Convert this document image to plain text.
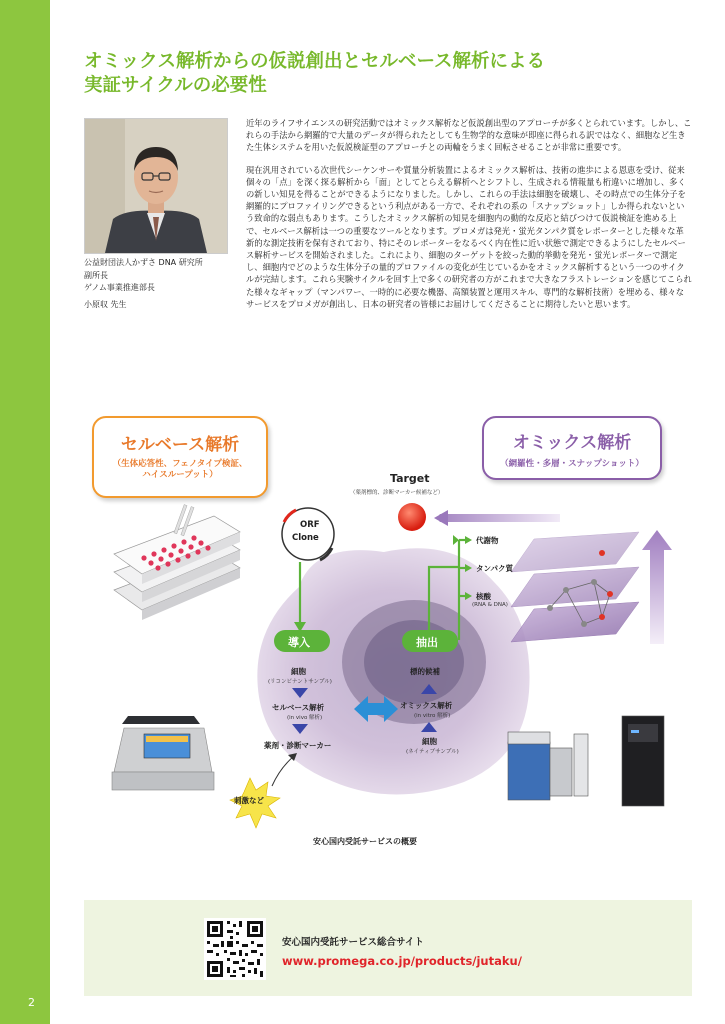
2
オミックス解析からの仮説創出とセルベース解析による
実証サイクルの必要性
公益財団法人かずさ DNA 研究所
副所長
ゲノム事業推進部長
小原収 先生

近年のライフサイエンスの研究活動ではオミックス解析など仮説創出型のアプローチが多くとられています。しかし、これらの手法から網羅的で大量のデータが得られたとしても生物学的な意味が即座に得られる訳ではなく、細胞など生きた生体システムを用いた仮説検証型のアプローチとの両輪をうまく回転させることが非常に重要です。

現在汎用されている次世代シーケンサーや質量分析装置によるオミックス解析は、技術の進歩による恩恵を受け、従来個々の「点」を深く探る解析から「面」としてとらえる解析へとシフトし、生成される情報量も桁違いに増加し、多くの新しい知見を得ることができるようになりました。しかし、これらの手法は細胞を破壊し、その時点での生体分子を網羅的にプロファイリングできるという利点がある一方で、それぞれの系の「スナップショット」しか得られないという致命的な弱点もあります。こうしたオミックス解析の知見を細胞内の動的な反応と結びつけて仮説検証を進める上で、セルベース解析は一つの重要なツールとなります。プロメガは発光・蛍光タンパク質をレポーターとした様々な革新的な測定技術を保有されており、特にそのレポーターをなるべく内在性に近い状態で測定できるようにしたセルベース解析サービスを開始されました。これにより、細胞のターゲットを絞った動的挙動を発光・蛍光レポーターで測定し、細胞内でどのような生体分子の量的プロファイルの変化が生じているかをオミックス解析するという一つのサイクルが完結します。これら実験サイクルを回す上で多くの研究者の方がこれまで大きなフラストレーションを感じてこられた様々なギャップ（マンパワー、一時的に必要な機器、高額装置と運用スキル、専門的な解析技術）を埋める、様々なサービスをプロメガが創出し、日本の研究者の皆様にお届けしてくださることに期待したいと思います。

セルベース解析
（生体応答性、フェノタイプ検証、
ハイスループット）
オミックス解析
（網羅性・多層・スナップショット）
Target
（薬剤標的、診断マーカー候補など）
ORF
Clone	代謝物
タンパク質
核酸
(RNA & DNA)
導入	抽出
細胞
(リコンビナントサンプル)
セルベース解析
(in vivo 解析)
薬剤・診断マーカー
標的候補
オミックス解析
(in vitro 解析)
細胞
(ネイティブサンプル)
刺激など
安心国内受託サービスの概要
安心国内受託サービス総合サイト
www.promega.co.jp/products/jutaku/
